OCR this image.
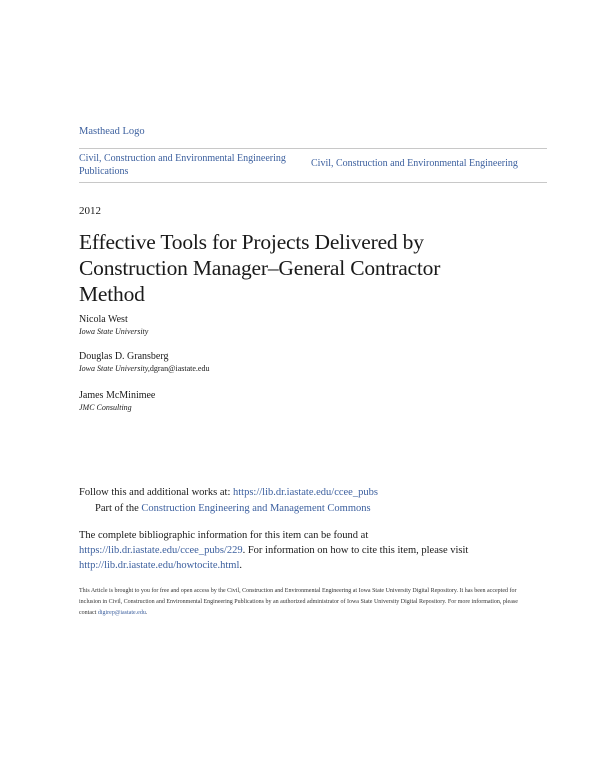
Masthead Logo
Civil, Construction and Environmental Engineering Publications
Civil, Construction and Environmental Engineering
2012
Effective Tools for Projects Delivered by Construction Manager–General Contractor Method
Nicola West
Iowa State University
Douglas D. Gransberg
Iowa State University,dgran@iastate.edu
James McMinimee
JMC Consulting
Follow this and additional works at: https://lib.dr.iastate.edu/ccee_pubs
Part of the Construction Engineering and Management Commons
The complete bibliographic information for this item can be found at https://lib.dr.iastate.edu/ccee_pubs/229. For information on how to cite this item, please visit http://lib.dr.iastate.edu/howtocite.html.
This Article is brought to you for free and open access by the Civil, Construction and Environmental Engineering at Iowa State University Digital Repository. It has been accepted for inclusion in Civil, Construction and Environmental Engineering Publications by an authorized administrator of Iowa State University Digital Repository. For more information, please contact digirep@iastate.edu.
